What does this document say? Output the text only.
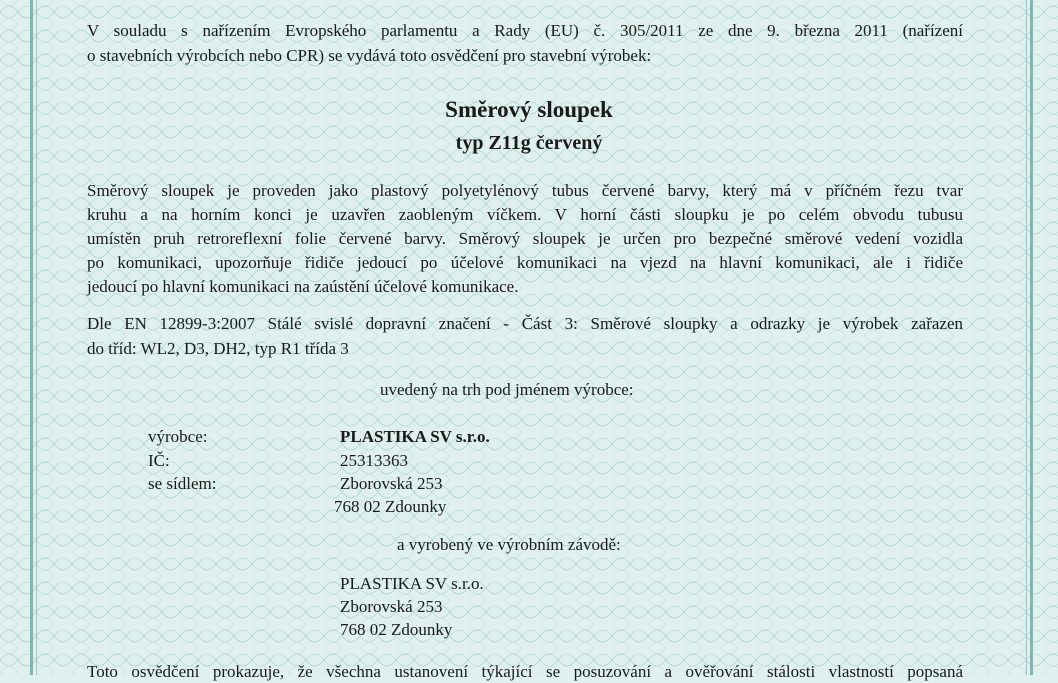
V souladu s nařízením Evropského parlamentu a Rady (EU) č. 305/2011 ze dne 9. března 2011 (nařízení
o stavebních výrobcích nebo CPR) se vydává toto osvědčení pro stavební výrobek:
Směrový sloupek
typ Z11g červený
Směrový sloupek je proveden jako plastový polyetylénový tubus červené barvy, který má v příčném řezu tvar
kruhu a na horním konci je uzavřen zaobleným víčkem. V horní části sloupku je po celém obvodu tubusu
umístěn pruh retroreflexní folie červené barvy. Směrový sloupek je určen pro bezpečné směrové vedení vozidla
po komunikaci, upozorňuje řidiče jedoucí po účelové komunikaci na vjezd na hlavní komunikaci, ale i řidiče
jedoucí po hlavní komunikaci na zaústění účelové komunikace.
Dle EN 12899-3:2007 Stálé svislé dopravní značení - Část 3: Směrové sloupky a odrazky je výrobek zařazen
do tříd: WL2, D3, DH2, typ R1 třída 3
uvedený na trh pod jménem výrobce:
výrobce:
IČ:
se sídlem:
PLASTIKA SV s.r.o.
25313363
Zborovská 253
768 02 Zdounky
a vyrobený ve výrobním závodě:
PLASTIKA SV s.r.o.
Zborovská 253
768 02 Zdounky
Toto osvědčení prokazuje, že všechna ustanovení týkající se posuzování a ověřování stálosti vlastností popsaná
